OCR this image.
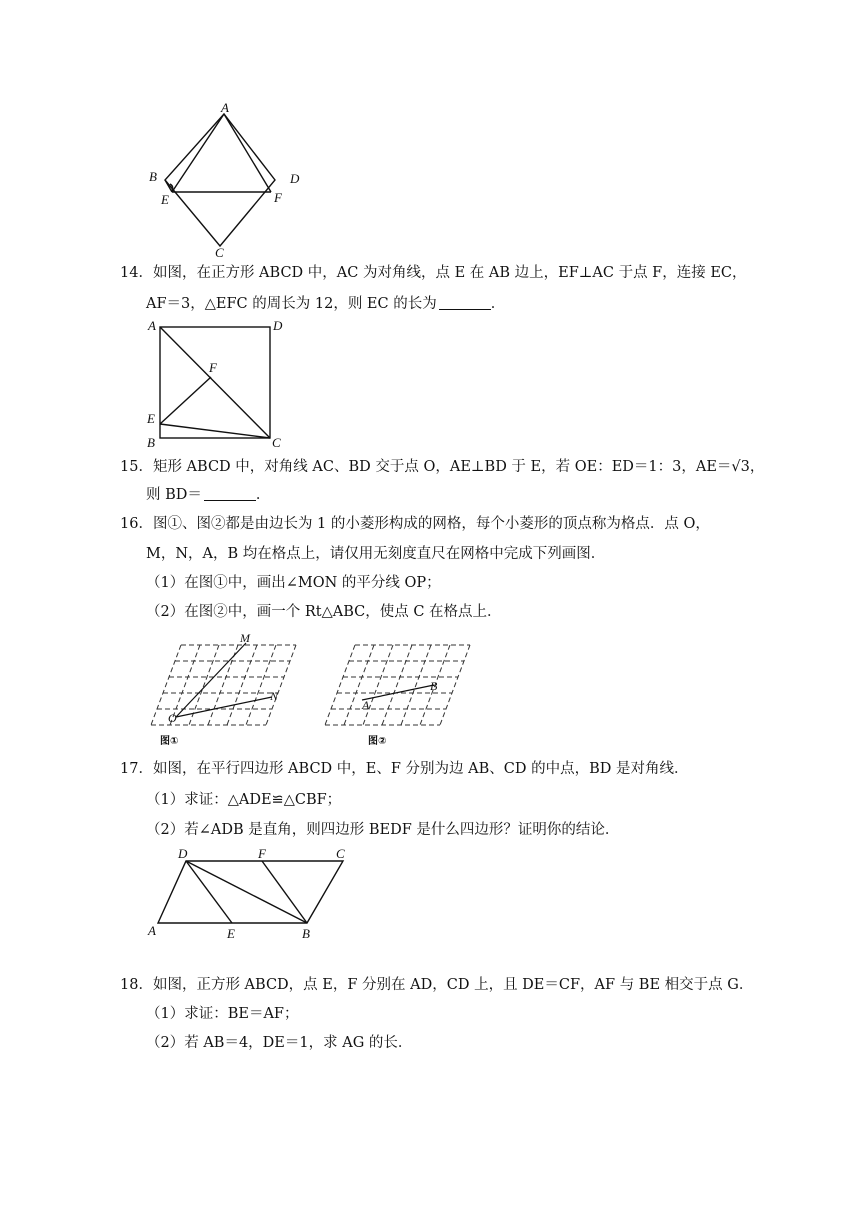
A
B	D
E	F
C
14．如图，在正方形 ABCD 中，AC 为对角线，点 E 在 AB 边上，EF⊥AC 于点 F，连接 EC，
AF＝3，△EFC 的周长为 12，则 EC 的长为	．
A	D
F
E
B	C
15．矩形 ABCD 中，对角线 AC、BD 交于点 O，AE⊥BD 于 E，若 OE：ED＝1：3，AE＝√3，
则 BD＝	．
16．图①、图②都是由边长为 1 的小菱形构成的网格，每个小菱形的顶点称为格点．点 O，
M，N，A，B 均在格点上，请仅用无刻度直尺在网格中完成下列画图．
（1）在图①中，画出∠MON 的平分线 OP；
（2）在图②中，画一个 Rt△ABC，使点 C 在格点上．
M
N
O
图①
A
B
图②
17．如图，在平行四边形 ABCD 中，E、F 分别为边 AB、CD 的中点，BD 是对角线．
（1）求证：△ADE≌△CBF；
（2）若∠ADB 是直角，则四边形 BEDF 是什么四边形？证明你的结论．
D	F	C
A	E	B
18．如图，正方形 ABCD，点 E，F 分别在 AD，CD 上，且 DE＝CF，AF 与 BE 相交于点 G．
（1）求证：BE＝AF；
（2）若 AB＝4，DE＝1，求 AG 的长．
